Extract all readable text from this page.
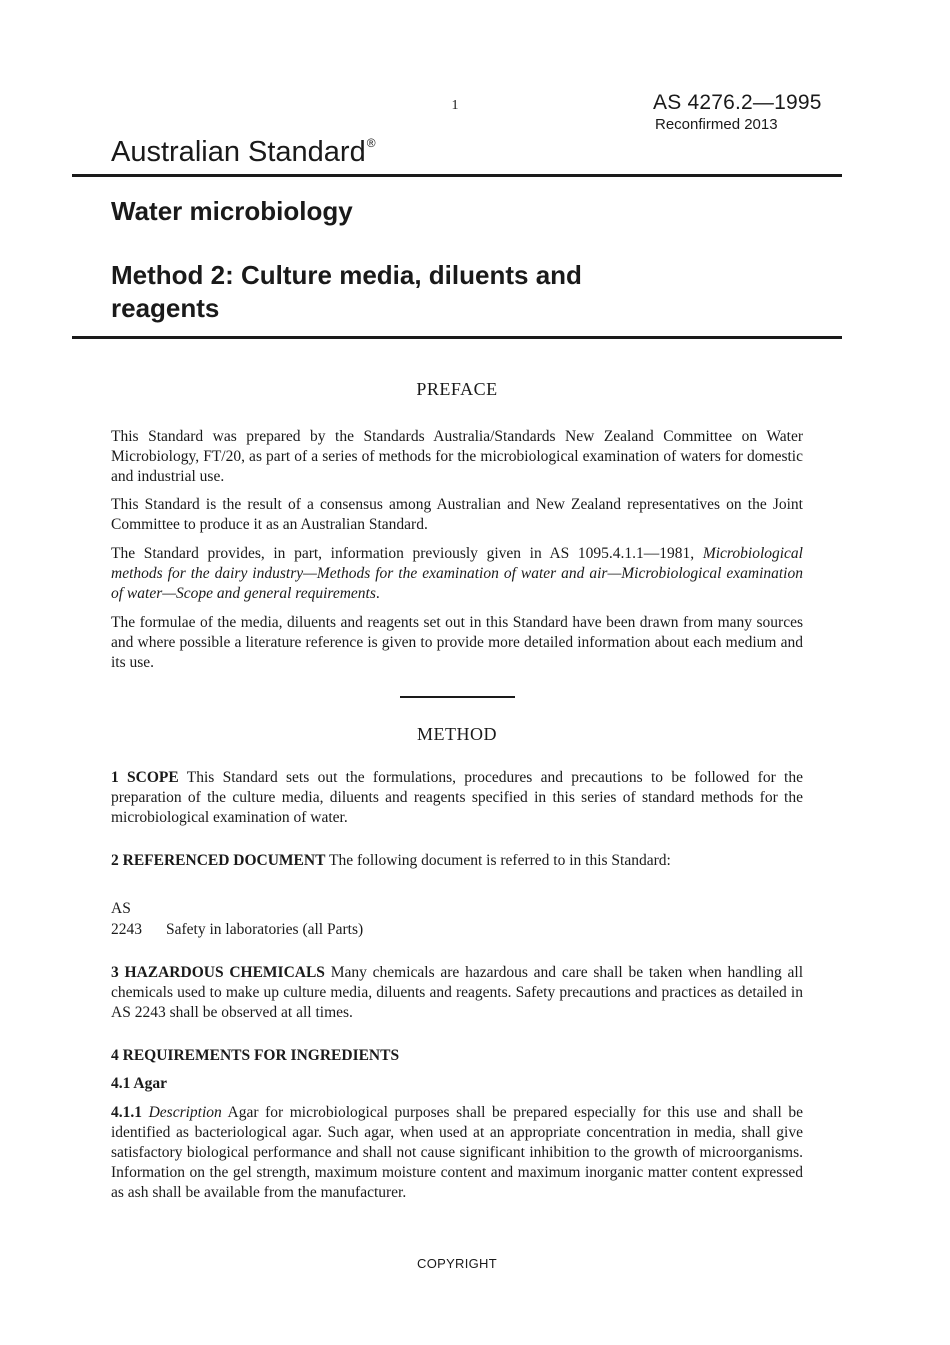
1	AS 4276.2—1995
Reconfirmed 2013
Australian Standard®
Water microbiology
Method 2: Culture media, diluents and reagents
PREFACE
This Standard was prepared by the Standards Australia/Standards New Zealand Committee on Water Microbiology, FT/20, as part of a series of methods for the microbiological examination of waters for domestic and industrial use.
This Standard is the result of a consensus among Australian and New Zealand representatives on the Joint Committee to produce it as an Australian Standard.
The Standard provides, in part, information previously given in AS 1095.4.1.1—1981, Microbiological methods for the dairy industry—Methods for the examination of water and air—Microbiological examination of water—Scope and general requirements.
The formulae of the media, diluents and reagents set out in this Standard have been drawn from many sources and where possible a literature reference is given to provide more detailed information about each medium and its use.
METHOD
1 SCOPE This Standard sets out the formulations, procedures and precautions to be followed for the preparation of the culture media, diluents and reagents specified in this series of standard methods for the microbiological examination of water.
2 REFERENCED DOCUMENT The following document is referred to in this Standard:
AS
2243 Safety in laboratories (all Parts)
3 HAZARDOUS CHEMICALS Many chemicals are hazardous and care shall be taken when handling all chemicals used to make up culture media, diluents and reagents. Safety precautions and practices as detailed in AS 2243 shall be observed at all times.
4 REQUIREMENTS FOR INGREDIENTS
4.1 Agar
4.1.1 Description Agar for microbiological purposes shall be prepared especially for this use and shall be identified as bacteriological agar. Such agar, when used at an appropriate concentration in media, shall give satisfactory biological performance and shall not cause significant inhibition to the growth of microorganisms. Information on the gel strength, maximum moisture content and maximum inorganic matter content expressed as ash shall be available from the manufacturer.
COPYRIGHT
